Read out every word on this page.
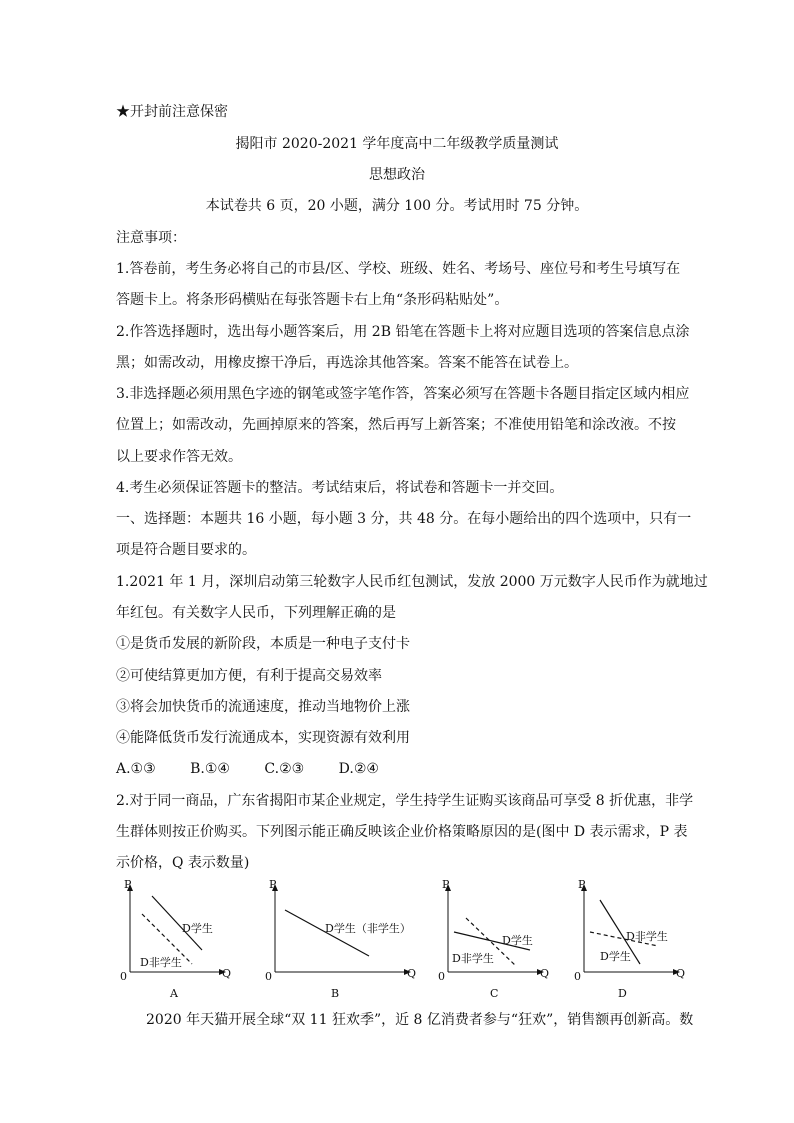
★开封前注意保密
揭阳市 2020-2021 学年度高中二年级教学质量测试
思想政治
本试卷共 6 页，20 小题，满分 100 分。考试用时 75 分钟。
注意事项：
1.答卷前，考生务必将自己的市县/区、学校、班级、姓名、考场号、座位号和考生号填写在
答题卡上。将条形码横贴在每张答题卡右上角“条形码粘贴处”。
2.作答选择题时，选出每小题答案后，用 2B 铅笔在答题卡上将对应题目选项的答案信息点涂
黑；如需改动，用橡皮擦干净后，再选涂其他答案。答案不能答在试卷上。
3.非选择题必须用黑色字迹的钢笔或签字笔作答，答案必须写在答题卡各题目指定区域内相应
位置上；如需改动，先画掉原来的答案，然后再写上新答案；不准使用铅笔和涂改液。不按
以上要求作答无效。
4.考生必须保证答题卡的整洁。考试结束后，将试卷和答题卡一并交回。
一、选择题：本题共 16 小题，每小题 3 分，共 48 分。在每小题给出的四个选项中，只有一
项是符合题目要求的。
1.2021 年 1 月，深圳启动第三轮数字人民币红包测试，发放 2000 万元数字人民币作为就地过
年红包。有关数字人民币，下列理解正确的是
①是货币发展的新阶段，本质是一种电子支付卡
②可使结算更加方便，有利于提高交易效率
③将会加快货币的流通速度，推动当地物价上涨
④能降低货币发行流通成本，实现资源有效利用
A.①③ B.①④ C.②③ D.②④
2.对于同一商品，广东省揭阳市某企业规定，学生持学生证购买该商品可享受 8 折优惠，非学
生群体则按正价购买。下列图示能正确反映该企业价格策略原因的是(图中 D 表示需求，P 表
示价格，Q 表示数量)
P
Q
0
D学生
D非学生
A
P
Q
0
D学生（非学生）
B
P
Q
0
D学生
D非学生
C
P
Q
0
D非学生
D学生
D
2020 年天猫开展全球“双 11 狂欢季”，近 8 亿消费者参与“狂欢”，销售额再创新高。数
